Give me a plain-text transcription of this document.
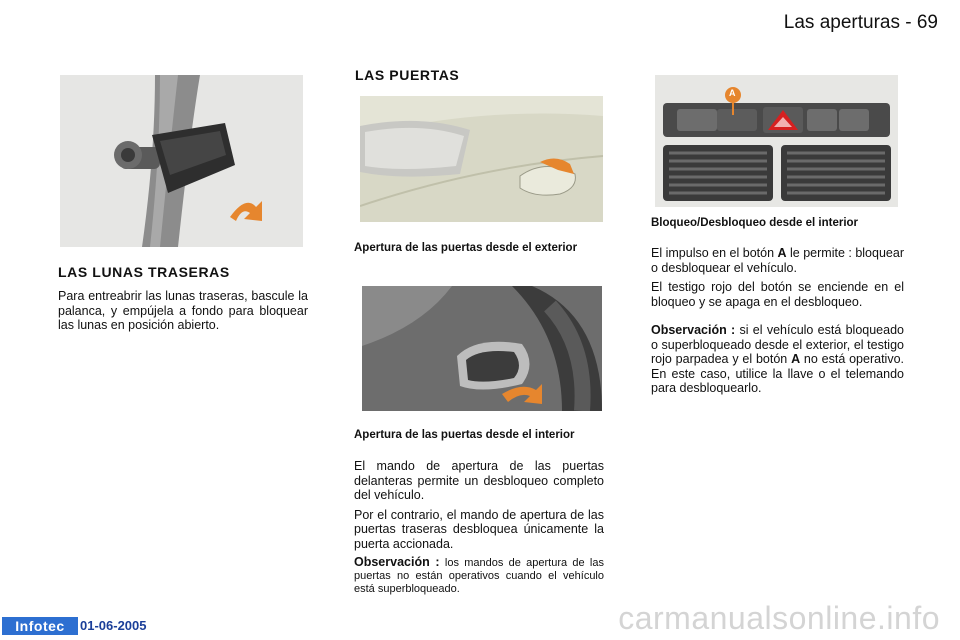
Las aperturas - 69
LAS LUNAS TRASERAS
Para entreabrir las lunas traseras, bascule la palanca, y empújela a fondo para bloquear las lunas en posición abierto.
LAS PUERTAS
Apertura de las puertas desde el exterior
Apertura de las puertas desde el interior

El mando de apertura de las puertas delanteras permite un desbloqueo completo del vehículo.

Por el contrario, el mando de apertura de las puertas traseras desbloquea únicamente la puerta accionada.

Observación : los mandos de apertura de las puertas no están operativos cuando el vehículo está superbloqueado.

A
Bloqueo/Desbloqueo desde el interior

El impulso en el botón A le permite : bloquear o desbloquear el vehículo.

El testigo rojo del botón se enciende en el bloqueo y se apaga en el desbloqueo.

Observación : si el vehículo está bloqueado o superbloqueado desde el exterior, el testigo rojo parpadea y el botón A no está operativo. En este caso, utilice la llave o el telemando para desbloquearlo.

Infotec	01-06-2005	carmanualsonline.info
